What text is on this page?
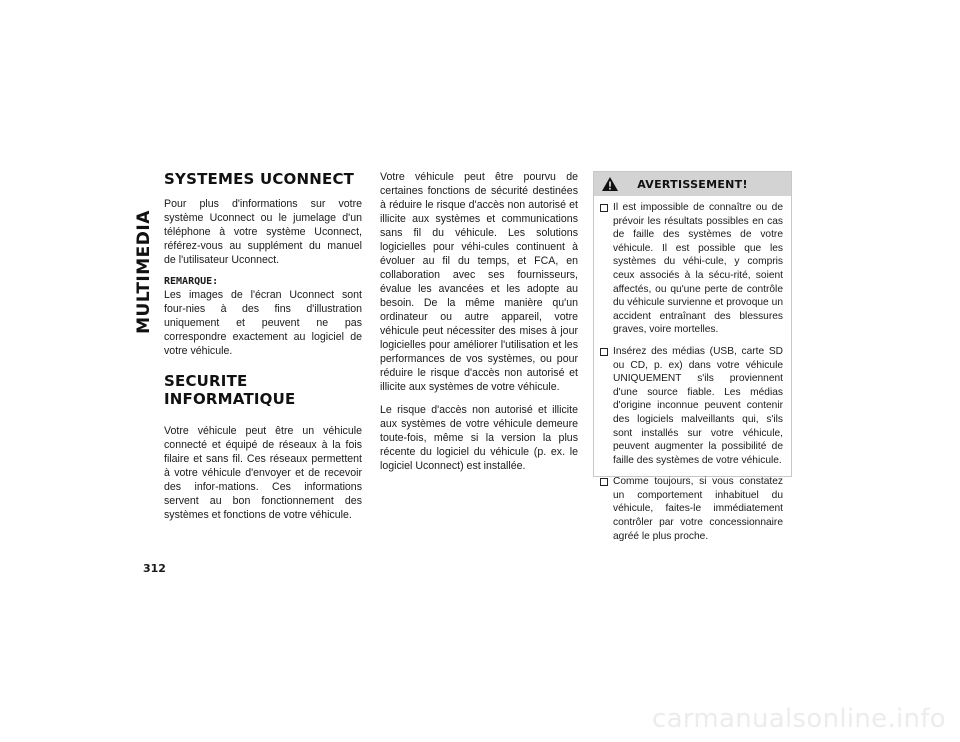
MULTIMEDIA
312
SYSTEMES UCONNECT

Pour plus d'informations sur votre système Uconnect ou le jumelage d'un téléphone à votre système Uconnect, référez-vous au supplément du manuel de l'utilisateur Uconnect.

REMARQUE:

Les images de l'écran Uconnect sont four-nies à des fins d'illustration uniquement et peuvent ne pas correspondre exactement au logiciel de votre véhicule.

SECURITE INFORMATIQUE

Votre véhicule peut être un véhicule connecté et équipé de réseaux à la fois filaire et sans fil. Ces réseaux permettent à votre véhicule d'envoyer et de recevoir des infor-mations. Ces informations servent au bon fonctionnement des systèmes et fonctions de votre véhicule.

Votre véhicule peut être pourvu de certaines fonctions de sécurité destinées à réduire le risque d'accès non autorisé et illicite aux systèmes et communications sans fil du véhicule. Les solutions logicielles pour véhi-cules continuent à évoluer au fil du temps, et FCA, en collaboration avec ses fournisseurs, évalue les avancées et les adopte au besoin. De la même manière qu'un ordinateur ou autre appareil, votre véhicule peut nécessiter des mises à jour logicielles pour améliorer l'utilisation et les performances de vos systèmes, ou pour réduire le risque d'accès non autorisé et illicite aux systèmes de votre véhicule.

Le risque d'accès non autorisé et illicite aux systèmes de votre véhicule demeure toute-fois, même si la version la plus récente du logiciel du véhicule (p. ex. le logiciel Uconnect) est installée.

AVERTISSEMENT!

Il est impossible de connaître ou de prévoir les résultats possibles en cas de faille des systèmes de votre véhicule. Il est possible que les systèmes du véhi-cule, y compris ceux associés à la sécu-rité, soient affectés, ou qu'une perte de contrôle du véhicule survienne et provoque un accident entraînant des blessures graves, voire mortelles.

Insérez des médias (USB, carte SD ou CD, p. ex) dans votre véhicule UNIQUEMENT s'ils proviennent d'une source fiable. Les médias d'origine inconnue peuvent contenir des logiciels malveillants qui, s'ils sont installés sur votre véhicule, peuvent augmenter la possibilité de faille des systèmes de votre véhicule.

Comme toujours, si vous constatez un comportement inhabituel du véhicule, faites-le immédiatement contrôler par votre concessionnaire agréé le plus proche.

carmanualsonline.info
